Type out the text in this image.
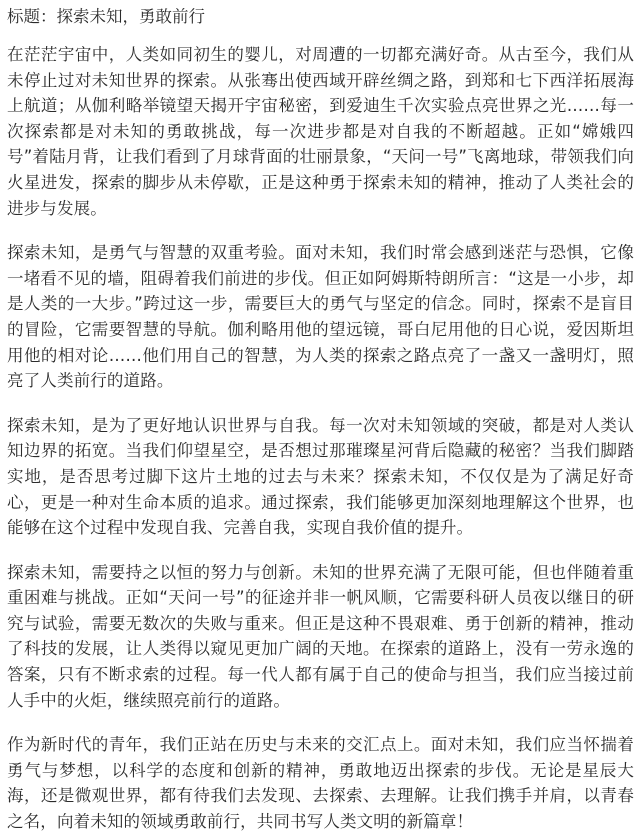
标题：探索未知，勇敢前行

在茫茫宇宙中，人类如同初生的婴儿，对周遭的一切都充满好奇。从古至今，我们从未停止过对未知世界的探索。从张骞出使西域开辟丝绸之路，到郑和七下西洋拓展海上航道；从伽利略举镜望天揭开宇宙秘密，到爱迪生千次实验点亮世界之光……每一次探索都是对未知的勇敢挑战，每一次进步都是对自我的不断超越。正如“嫦娥四号”着陆月背，让我们看到了月球背面的壮丽景象，“天问一号”飞离地球，带领我们向火星进发，探索的脚步从未停歇，正是这种勇于探索未知的精神，推动了人类社会的进步与发展。

探索未知，是勇气与智慧的双重考验。面对未知，我们时常会感到迷茫与恐惧，它像一堵看不见的墙，阻碍着我们前进的步伐。但正如阿姆斯特朗所言：“这是一小步，却是人类的一大步。”跨过这一步，需要巨大的勇气与坚定的信念。同时，探索不是盲目的冒险，它需要智慧的导航。伽利略用他的望远镜，哥白尼用他的日心说，爱因斯坦用他的相对论……他们用自己的智慧，为人类的探索之路点亮了一盏又一盏明灯，照亮了人类前行的道路。

探索未知，是为了更好地认识世界与自我。每一次对未知领域的突破，都是对人类认知边界的拓宽。当我们仰望星空，是否想过那璀璨星河背后隐藏的秘密？当我们脚踏实地，是否思考过脚下这片土地的过去与未来？探索未知，不仅仅是为了满足好奇心，更是一种对生命本质的追求。通过探索，我们能够更加深刻地理解这个世界，也能够在这个过程中发现自我、完善自我，实现自我价值的提升。

探索未知，需要持之以恒的努力与创新。未知的世界充满了无限可能，但也伴随着重重困难与挑战。正如“天问一号”的征途并非一帆风顺，它需要科研人员夜以继日的研究与试验，需要无数次的失败与重来。但正是这种不畏艰难、勇于创新的精神，推动了科技的发展，让人类得以窥见更加广阔的天地。在探索的道路上，没有一劳永逸的答案，只有不断求索的过程。每一代人都有属于自己的使命与担当，我们应当接过前人手中的火炬，继续照亮前行的道路。

作为新时代的青年，我们正站在历史与未来的交汇点上。面对未知，我们应当怀揣着勇气与梦想，以科学的态度和创新的精神，勇敢地迈出探索的步伐。无论是星辰大海，还是微观世界，都有待我们去发现、去探索、去理解。让我们携手并肩，以青春之名，向着未知的领域勇敢前行，共同书写人类文明的新篇章！
